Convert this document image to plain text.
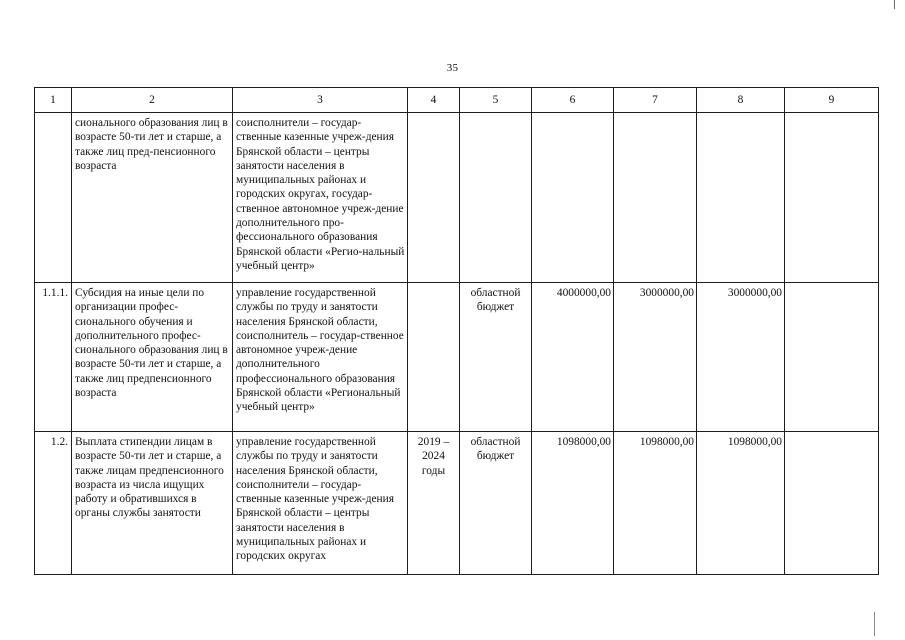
35
1	2	3	4	5	6	7	8	9
	сионального образования лиц в возрасте 50-ти лет и старше, а также лиц пред-пенсионного возраста	соисполнители – государ-ственные казенные учреж-дения Брянской области – центры занятости населения в муниципальных районах и городских округах, государ-ственное автономное учреж-дение дополнительного про-фессионального образования Брянской области «Регио-нальный учебный центр»						
1.1.1.	Субсидия на иные цели по организации профес-сионального обучения и дополнительного профес-сионального образования лиц в возрасте 50-ти лет и старше, а также лиц предпенсионного возраста	управление государственной службы по труду и занятости населения Брянской области, соисполнитель – государ-ственное автономное учреж-дение дополнительного профессионального образования Брянской области «Региональный учебный центр»		областной бюджет	4000000,00	3000000,00	3000000,00	
1.2.	Выплата стипендии лицам в возрасте 50-ти лет и старше, а также лицам предпенсионного возраста из числа ищущих работу и обратившихся в органы службы занятости	управление государственной службы по труду и занятости населения Брянской области, соисполнители – государ-ственные казенные учреж-дения Брянской области – центры занятости населения в муниципальных районах и городских округах	2019 – 2024 годы	областной бюджет	1098000,00	1098000,00	1098000,00	
